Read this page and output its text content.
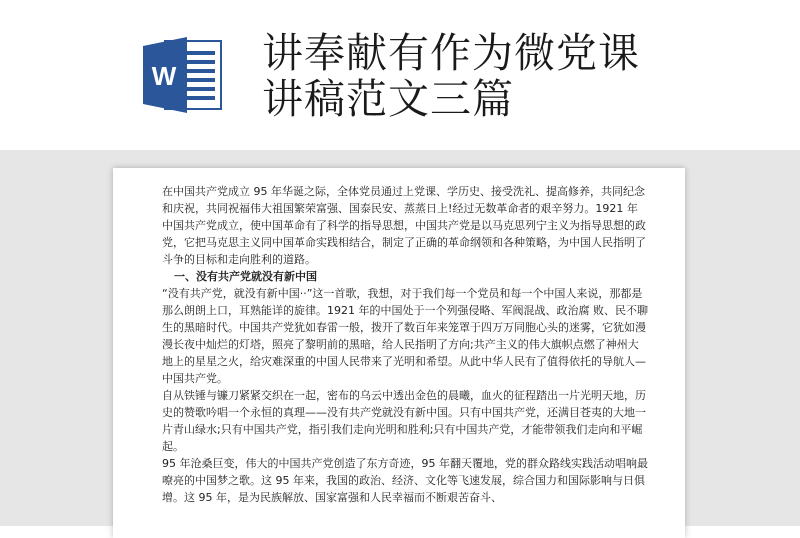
W 讲奉献有作为微党课
讲稿范文三篇

在中国共产党成立 95 年华诞之际，全体党员通过上党课、学历史、接受洗礼、提高修养，共同纪念和庆祝，共同祝福伟大祖国繁荣富强、国泰民安、蒸蒸日上!经过无数革命者的艰辛努力。1921 年中国共产党成立，使中国革命有了科学的指导思想，中国共产党是以马克思列宁主义为指导思想的政党，它把马克思主义同中国革命实践相结合，制定了正确的革命纲领和各种策略，为中国人民指明了斗争的目标和走向胜利的道路。

一、没有共产党就没有新中国

“没有共产党，就没有新中国··”这一首歌，我想，对于我们每一个党员和每一个中国人来说，那都是那么朗朗上口，耳熟能详的旋律。1921 年的中国处于一个列强侵略、军阀混战、政治腐 败、民不聊生的黑暗时代。中国共产党犹如春雷一般，拨开了数百年来笼罩于四万万同胞心头的迷雾，它犹如漫漫长夜中灿烂的灯塔，照亮了黎明前的黑暗，给人民指明了方向;共产主义的伟大旗帜点燃了神州大地上的星星之火，给灾难深重的中国人民带来了光明和希望。从此中华人民有了值得依托的导航人—中国共产党。

自从铁锤与镰刀紧紧交织在一起，密布的乌云中透出金色的晨曦，血火的征程踏出一片光明天地，历史的赞歌吟唱一个永恒的真理——没有共产党就没有新中国。只有中国共产党，还满目苍夷的大地一片青山绿水;只有中国共产党，指引我们走向光明和胜利;只有中国共产党，才能带领我们走向和平崛起。

95 年沧桑巨变，伟大的中国共产党创造了东方奇迹，95 年翻天覆地，党的群众路线实践活动唱响最嘹亮的中国梦之歌。这 95 年来，我国的政治、经济、文化等飞速发展，综合国力和国际影响与日俱增。这 95 年，是为民族解放、国家富强和人民幸福而不断艰苦奋斗、
